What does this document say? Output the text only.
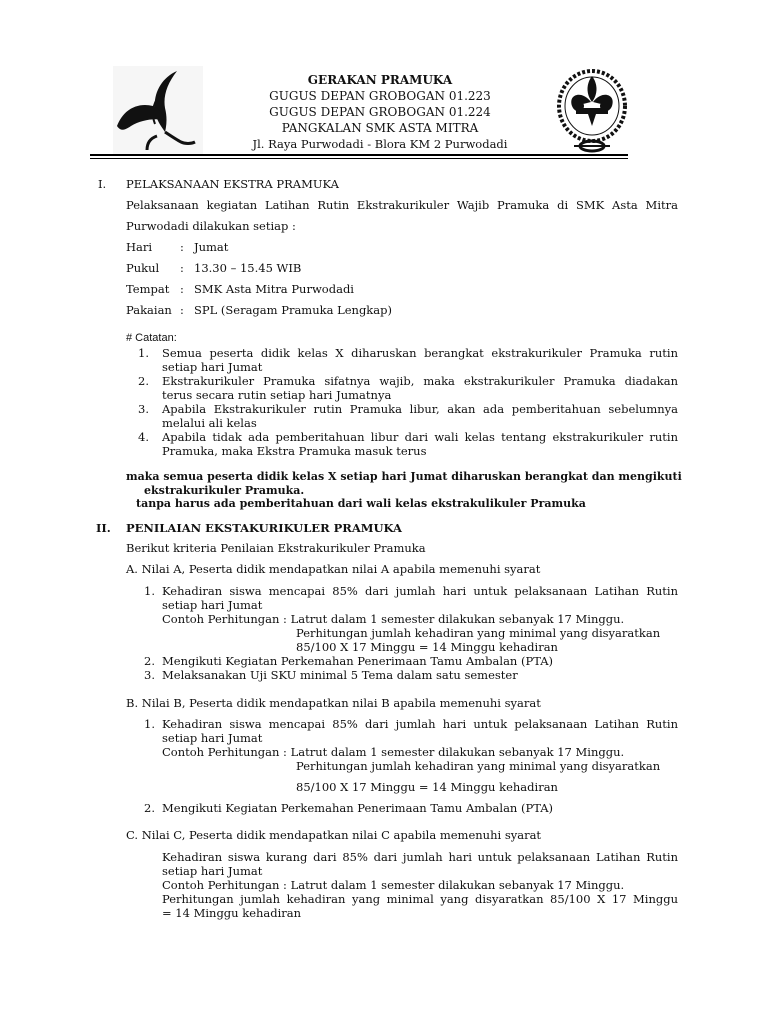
GERAKAN PRAMUKA
GUGUS DEPAN GROBOGAN 01.223
GUGUS DEPAN GROBOGAN 01.224
PANGKALAN SMK ASTA MITRA
Jl. Raya Purwodadi - Blora KM 2 Purwodadi
I. PELAKSANAAN EKSTRA PRAMUKA
Pelaksanaan kegiatan Latihan Rutin Ekstrakurikuler Wajib Pramuka di SMK Asta Mitra
Purwodadi dilakukan setiap :
Hari : Jumat
Pukul : 13.30 – 15.45 WIB
Tempat : SMK Asta Mitra Purwodadi
Pakaian : SPL (Seragam Pramuka Lengkap)
# Catatan:
1. Semua peserta didik kelas X diharuskan berangkat ekstrakurikuler Pramuka rutin
setiap hari Jumat
2. Ekstrakurikuler Pramuka sifatnya wajib, maka ekstrakurikuler Pramuka diadakan
terus secara rutin setiap hari Jumatnya
3. Apabila Ekstrakurikuler rutin Pramuka libur, akan ada pemberitahuan sebelumnya
melalui ali kelas
4. Apabila tidak ada pemberitahuan libur dari wali kelas tentang ekstrakurikuler rutin
Pramuka, maka Ekstra Pramuka masuk terus
maka semua peserta didik kelas X setiap hari Jumat diharuskan berangkat dan mengikuti
ekstrakurikuler Pramuka.
tanpa harus ada pemberitahuan dari wali kelas ekstrakulikuler Pramuka
II. PENILAIAN EKSTAKURIKULER PRAMUKA
Berikut kriteria Penilaian Ekstrakurikuler Pramuka
A. Nilai A, Peserta didik mendapatkan nilai A apabila memenuhi syarat
1. Kehadiran siswa mencapai 85% dari jumlah hari untuk pelaksanaan Latihan Rutin
setiap hari Jumat
Contoh Perhitungan : Latrut dalam 1 semester dilakukan sebanyak 17 Minggu.
Perhitungan jumlah kehadiran yang minimal yang disyaratkan
85/100 X 17 Minggu = 14 Minggu kehadiran
2. Mengikuti Kegiatan Perkemahan Penerimaan Tamu Ambalan (PTA)
3. Melaksanakan Uji SKU minimal 5 Tema dalam satu semester
B. Nilai B, Peserta didik mendapatkan nilai B apabila memenuhi syarat
1. Kehadiran siswa mencapai 85% dari jumlah hari untuk pelaksanaan Latihan Rutin
setiap hari Jumat
Contoh Perhitungan : Latrut dalam 1 semester dilakukan sebanyak 17 Minggu.
Perhitungan jumlah kehadiran yang minimal yang disyaratkan
85/100 X 17 Minggu = 14 Minggu kehadiran
2. Mengikuti Kegiatan Perkemahan Penerimaan Tamu Ambalan (PTA)
C. Nilai C, Peserta didik mendapatkan nilai C apabila memenuhi syarat
Kehadiran siswa kurang dari 85% dari jumlah hari untuk pelaksanaan Latihan Rutin
setiap hari Jumat
Contoh Perhitungan : Latrut dalam 1 semester dilakukan sebanyak 17 Minggu.
Perhitungan jumlah kehadiran yang minimal yang disyaratkan 85/100 X 17 Minggu
= 14 Minggu kehadiran
